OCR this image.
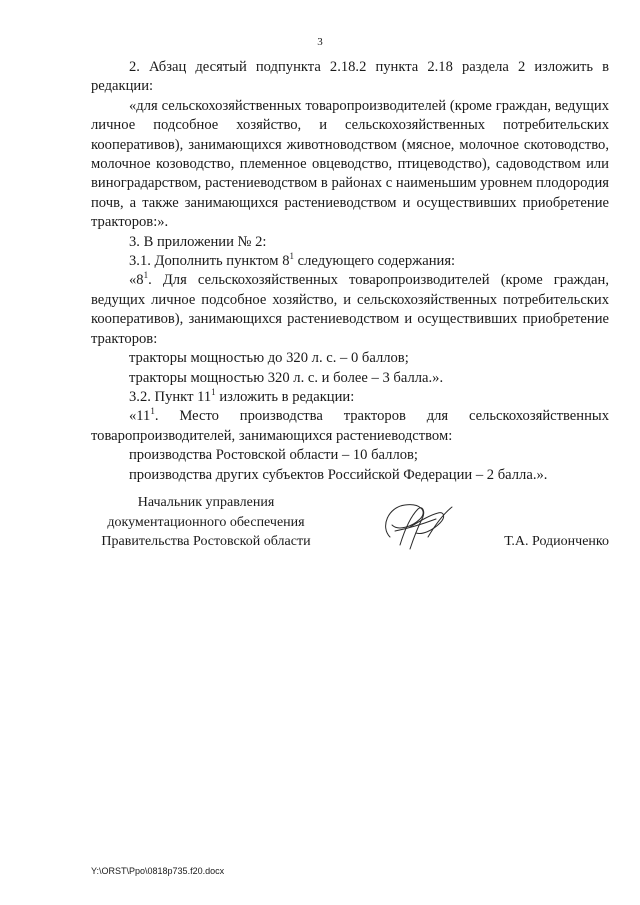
3

2. Абзац десятый подпункта 2.18.2 пункта 2.18 раздела 2 изложить в редакции:

«для сельскохозяйственных товаропроизводителей (кроме граждан, ведущих личное подсобное хозяйство, и сельскохозяйственных потребительских кооперативов), занимающихся животноводством (мясное, молочное скотоводство, молочное козоводство, племенное овцеводство, птицеводство), садоводством или виноградарством, растениеводством в районах с наименьшим уровнем плодородия почв, а также занимающихся растениеводством и осуществивших приобретение тракторов:».

3. В приложении № 2:

3.1. Дополнить пунктом $8^1$ следующего содержания:

«$8^1$. Для сельскохозяйственных товаропроизводителей (кроме граждан, ведущих личное подсобное хозяйство, и сельскохозяйственных потребительских кооперативов), занимающихся растениеводством и осуществивших приобретение тракторов:

тракторы мощностью до 320 л. с. – 0 баллов;

тракторы мощностью 320 л. с. и более – 3 балла.».

3.2. Пункт $11^1$ изложить в редакции:

«$11^1$. Место производства тракторов для сельскохозяйственных товаропроизводителей, занимающихся растениеводством:

производства Ростовской области – 10 баллов;

производства других субъектов Российской Федерации – 2 балла.».

Начальник управления
документационного обеспечения
Правительства Ростовской области	Т.А. Родионченко
Y:\ORST\Ppo\0818p735.f20.docx
